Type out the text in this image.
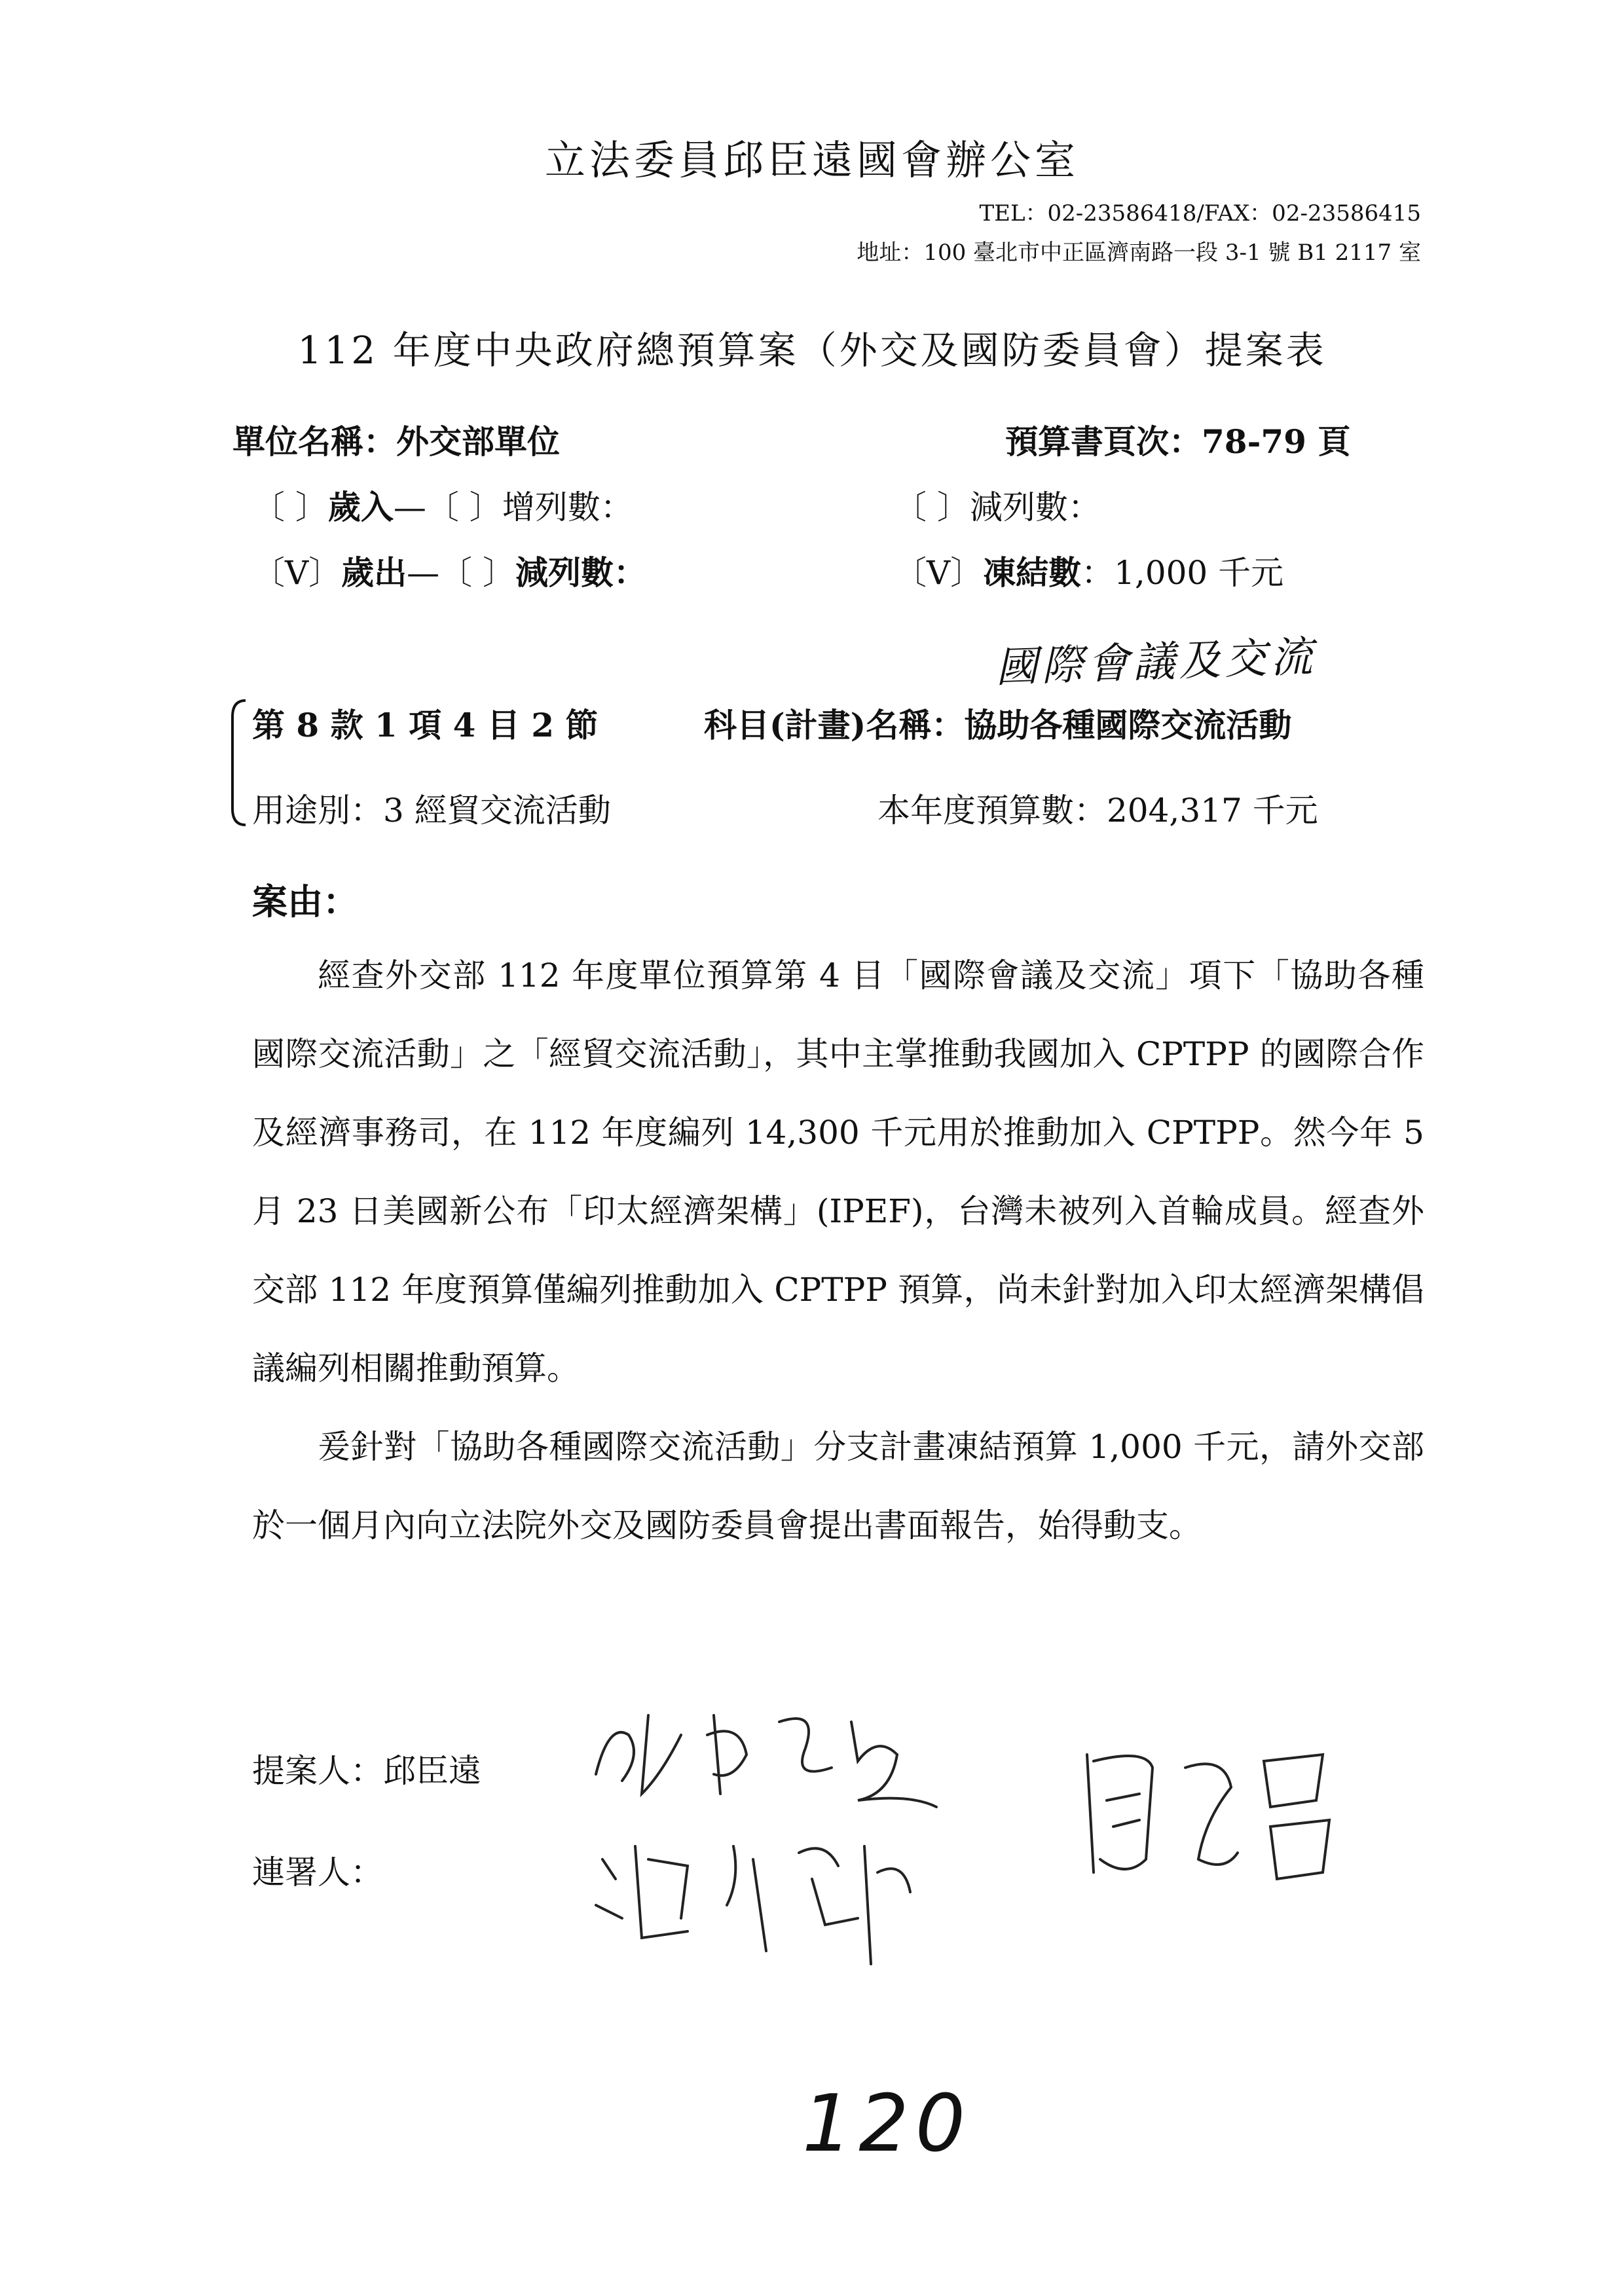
立法委員邱臣遠國會辦公室
TEL：02-23586418/FAX：02-23586415
地址：100 臺北市中正區濟南路一段 3-1 號 B1 2117 室
112 年度中央政府總預算案（外交及國防委員會）提案表
單位名稱：外交部單位	預算書頁次：78-79 頁
〔 〕歲入—〔 〕增列數：	〔 〕減列數：
〔V〕歲出—〔 〕減列數：	〔V〕凍結數：1,000 千元
國際會議及交流
第 8 款 1 項 4 目 2 節	科目(計畫)名稱：協助各種國際交流活動
用途別：3 經貿交流活動	本年度預算數：204,317 千元
案由：
經查外交部 112 年度單位預算第 4 目「國際會議及交流」項下「協助各種國際交流活動」之「經貿交流活動」，其中主掌推動我國加入 CPTPP 的國際合作及經濟事務司，在 112 年度編列 14,300 千元用於推動加入 CPTPP。然今年 5 月 23 日美國新公布「印太經濟架構」(IPEF)，台灣未被列入首輪成員。經查外交部 112 年度預算僅編列推動加入 CPTPP 預算，尚未針對加入印太經濟架構倡議編列相關推動預算。
爰針對「協助各種國際交流活動」分支計畫凍結預算 1,000 千元，請外交部於一個月內向立法院外交及國防委員會提出書面報告，始得動支。
提案人：邱臣遠
連署人：
120
